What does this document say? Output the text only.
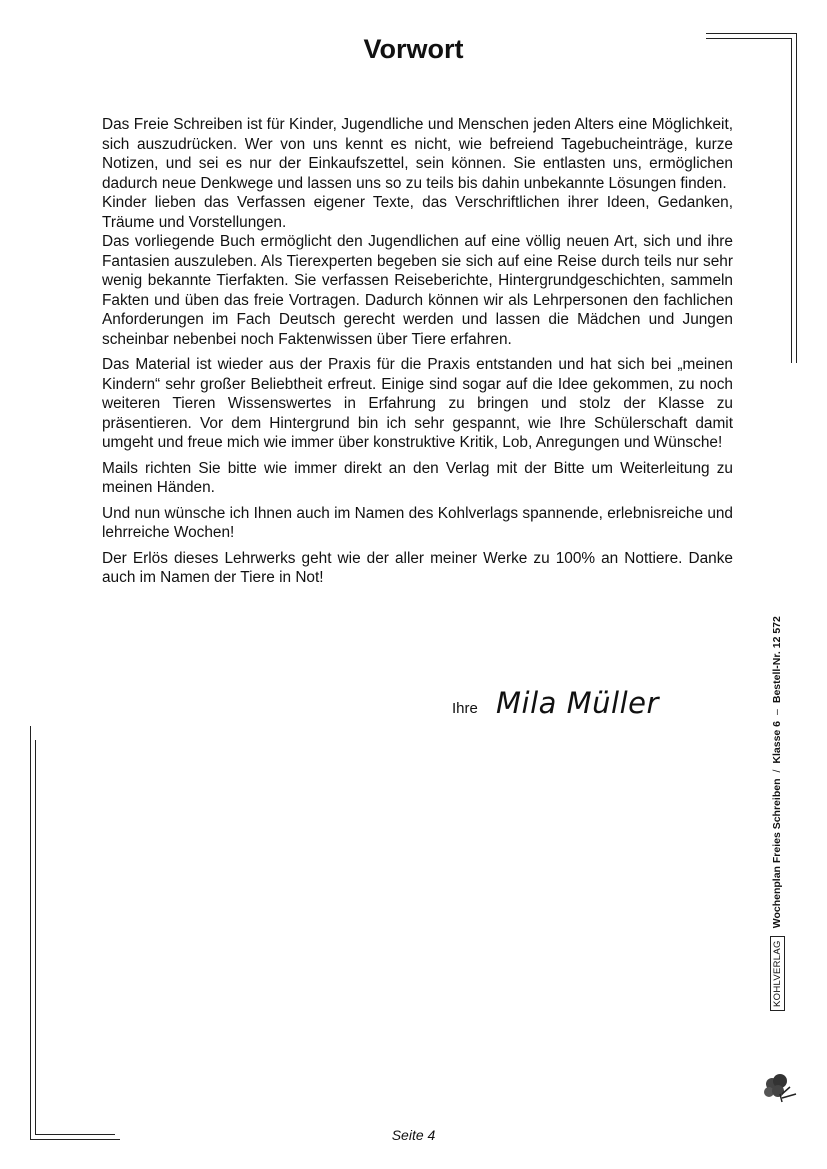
Vorwort
Das Freie Schreiben ist für Kinder, Jugendliche und Menschen jeden Alters eine Möglichkeit, sich auszudrücken. Wer von uns kennt es nicht, wie befreiend Tagebucheinträge, kurze Notizen, und sei es nur der Einkaufszettel, sein können. Sie entlasten uns, ermöglichen dadurch neue Denkwege und lassen uns so zu teils bis dahin unbekannte Lösungen finden.
Kinder lieben das Verfassen eigener Texte, das Verschriftlichen ihrer Ideen, Gedanken, Träume und Vorstellungen.
Das vorliegende Buch ermöglicht den Jugendlichen auf eine völlig neuen Art, sich und ihre Fantasien auszuleben. Als Tierexperten begeben sie sich auf eine Reise durch teils nur sehr wenig bekannte Tierfakten. Sie verfassen Reiseberichte, Hintergrundgeschichten, sammeln Fakten und üben das freie Vortragen. Dadurch können wir als Lehrpersonen den fachlichen Anforderungen im Fach Deutsch gerecht werden und lassen die Mädchen und Jungen scheinbar nebenbei noch Faktenwissen über Tiere erfahren.

Das Material ist wieder aus der Praxis für die Praxis entstanden und hat sich bei „meinen Kindern“ sehr großer Beliebtheit erfreut. Einige sind sogar auf die Idee gekommen, zu noch weiteren Tieren Wissenswertes in Erfahrung zu bringen und stolz der Klasse zu präsentieren. Vor dem Hintergrund bin ich sehr gespannt, wie Ihre Schülerschaft damit umgeht und freue mich wie immer über konstruktive Kritik, Lob, Anregungen und Wünsche!

Mails richten Sie bitte wie immer direkt an den Verlag mit der Bitte um Weiterleitung zu meinen Händen.

Und nun wünsche ich Ihnen auch im Namen des Kohlverlags spannende, erlebnisreiche und lehrreiche Wochen!

Der Erlös dieses Lehrwerks geht wie der aller meiner Werke zu 100% an Nottiere. Danke auch im Namen der Tiere in Not!

Ihre Mila Müller
KOHLVERLAG
Wochenplan Freies Schreiben
/
Klasse 6
–
Bestell-Nr. 12 572
Seite 4
